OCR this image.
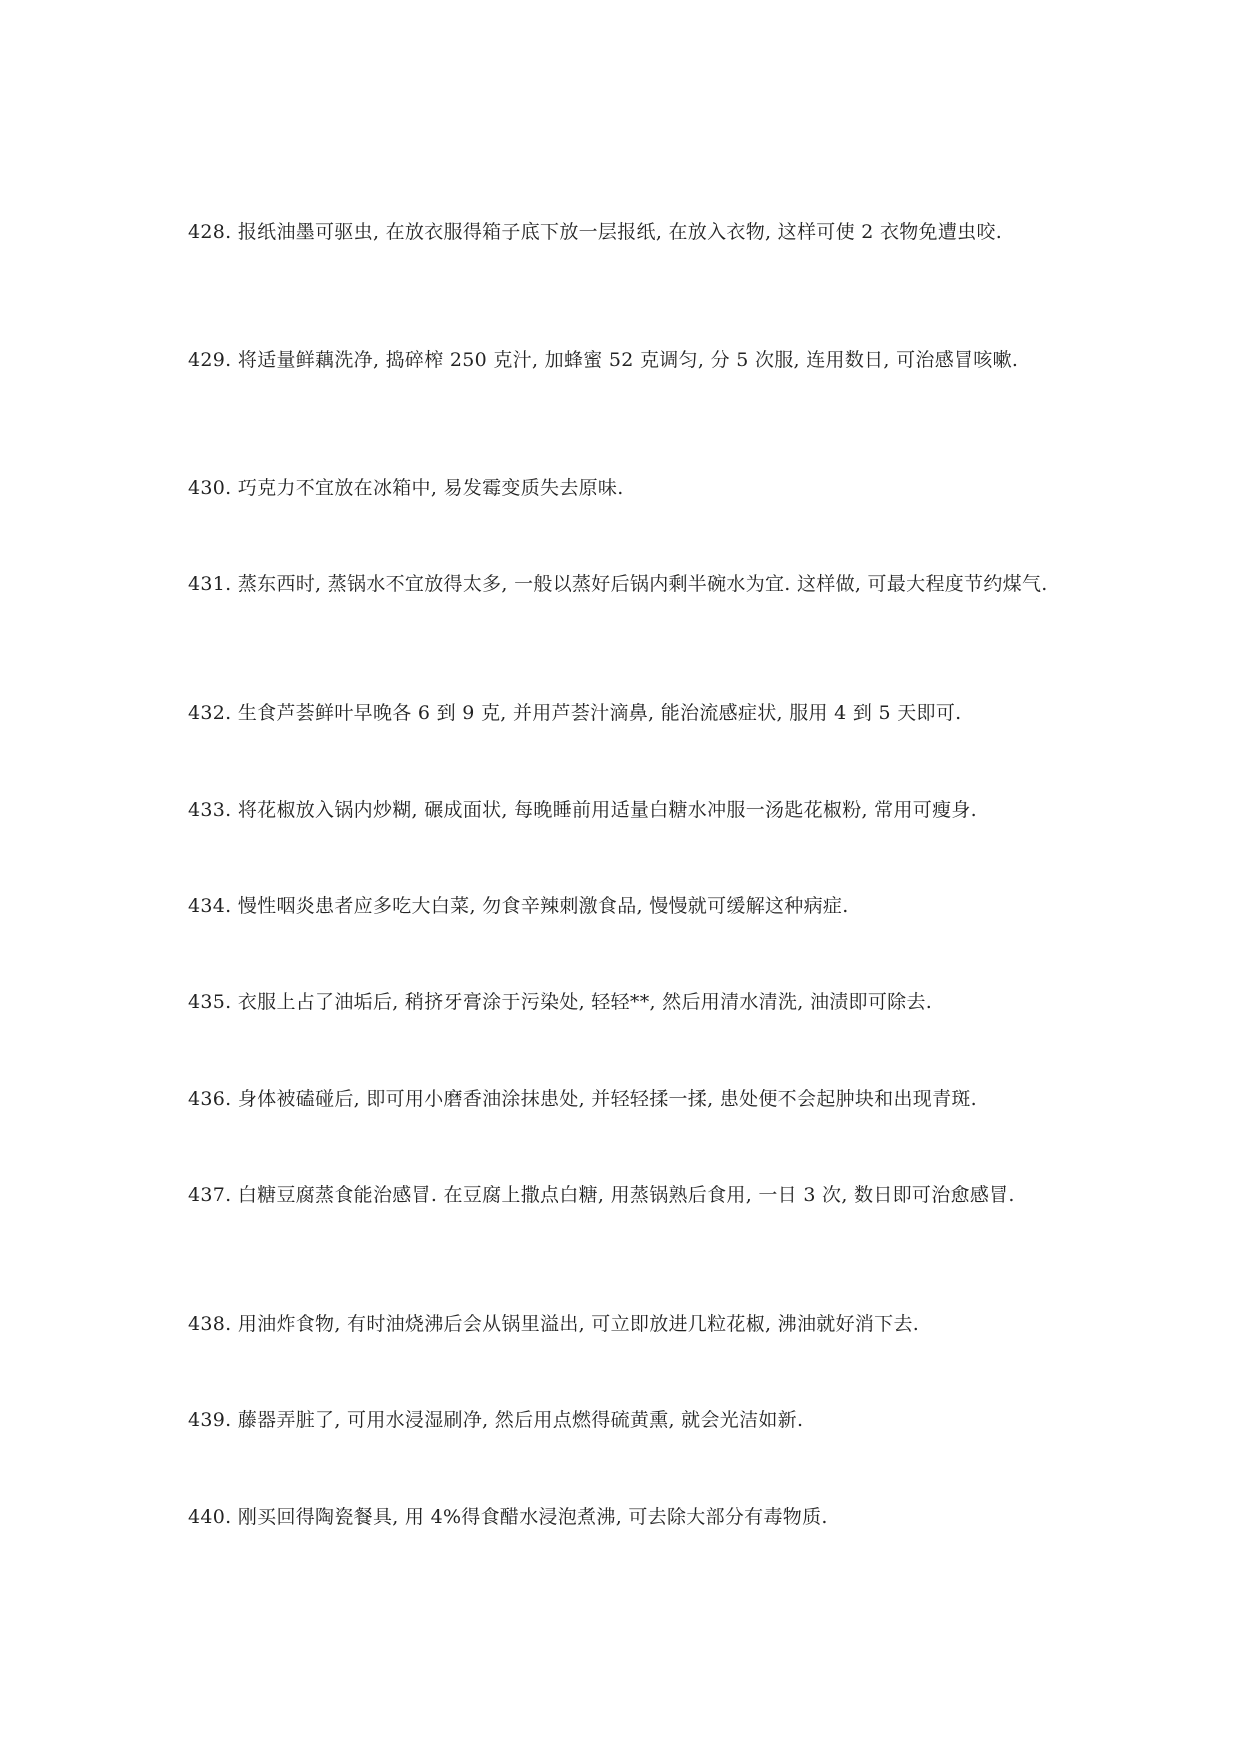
428. 报纸油墨可驱虫, 在放衣服得箱子底下放一层报纸, 在放入衣物, 这样可使 2 衣物免遭虫咬.

429. 将适量鲜藕洗净, 捣碎榨 250 克汁, 加蜂蜜 52 克调匀, 分 5 次服, 连用数日, 可治感冒咳嗽.

430. 巧克力不宜放在冰箱中, 易发霉变质失去原味.

431. 蒸东西时, 蒸锅水不宜放得太多, 一般以蒸好后锅内剩半碗水为宜. 这样做, 可最大程度节约煤气.

432. 生食芦荟鲜叶早晚各 6 到 9 克, 并用芦荟汁滴鼻, 能治流感症状, 服用 4 到 5 天即可.

433. 将花椒放入锅内炒糊, 碾成面状, 每晚睡前用适量白糖水冲服一汤匙花椒粉, 常用可瘦身.

434. 慢性咽炎患者应多吃大白菜, 勿食辛辣刺激食品, 慢慢就可缓解这种病症.

435. 衣服上占了油垢后, 稍挤牙膏涂于污染处, 轻轻**, 然后用清水清洗, 油渍即可除去.

436. 身体被磕碰后, 即可用小磨香油涂抹患处, 并轻轻揉一揉, 患处便不会起肿块和出现青斑.

437. 白糖豆腐蒸食能治感冒. 在豆腐上撒点白糖, 用蒸锅熟后食用, 一日 3 次, 数日即可治愈感冒.

438. 用油炸食物, 有时油烧沸后会从锅里溢出, 可立即放进几粒花椒, 沸油就好消下去.

439. 藤器弄脏了, 可用水浸湿刷净, 然后用点燃得硫黄熏, 就会光洁如新.

440. 刚买回得陶瓷餐具, 用 4%得食醋水浸泡煮沸, 可去除大部分有毒物质.
